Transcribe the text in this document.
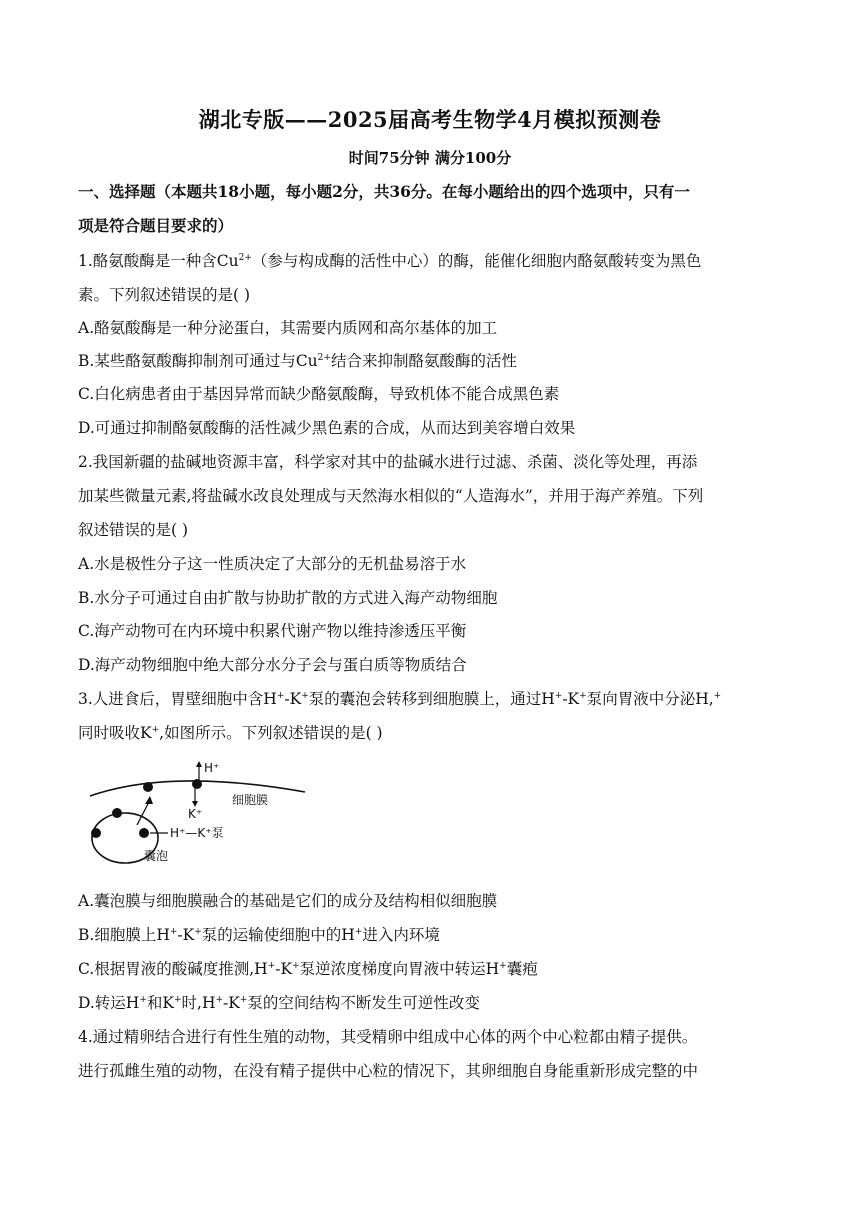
湖北专版——2025届高考生物学4月模拟预测卷
时间75分钟 满分100分
一、选择题（本题共18小题，每小题2分，共36分。在每小题给出的四个选项中，只有一
项是符合题目要求的）
1.酪氨酸酶是一种含$Cu^{2+}$（参与构成酶的活性中心）的酶，能催化细胞内酪氨酸转变为黑色
素。下列叙述错误的是( )
A.酪氨酸酶是一种分泌蛋白，其需要内质网和高尔基体的加工
B.某些酪氨酸酶抑制剂可通过与$Cu^{2+}$结合来抑制酪氨酸酶的活性
C.白化病患者由于基因异常而缺少酪氨酸酶，导致机体不能合成黑色素
D.可通过抑制酪氨酸酶的活性减少黑色素的合成，从而达到美容增白效果
2.我国新疆的盐碱地资源丰富，科学家对其中的盐碱水进行过滤、杀菌、淡化等处理，再添
加某些微量元素,将盐碱水改良处理成与天然海水相似的“人造海水”，并用于海产养殖。下列
叙述错误的是( )
A.水是极性分子这一性质决定了大部分的无机盐易溶于水
B.水分子可通过自由扩散与协助扩散的方式进入海产动物细胞
C.海产动物可在内环境中积累代谢产物以维持渗透压平衡
D.海产动物细胞中绝大部分水分子会与蛋白质等物质结合
3.人进食后，胃壁细胞中含H+-K+泵的囊泡会转移到细胞膜上，通过H+-K+泵向胃液中分泌H,+
同时吸收K+,如图所示。下列叙述错误的是( )
H⁺
K⁺
细胞膜
H⁺—K⁺泵
囊泡
A.囊泡膜与细胞膜融合的基础是它们的成分及结构相似细胞膜
B.细胞膜上H+-K+泵的运输使细胞中的H+进入内环境
C.根据胃液的酸碱度推测,H+-K+泵逆浓度梯度向胃液中转运H+囊疱
D.转运H+和K+时,H+-K+泵的空间结构不断发生可逆性改变
4.通过精卵结合进行有性生殖的动物，其受精卵中组成中心体的两个中心粒都由精子提供。
进行孤雌生殖的动物，在没有精子提供中心粒的情况下，其卵细胞自身能重新形成完整的中
